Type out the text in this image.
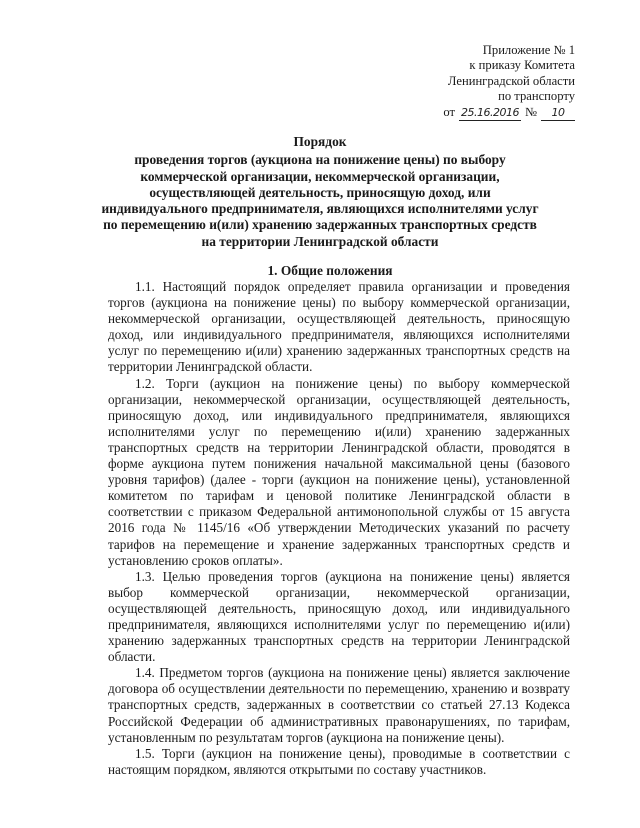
Приложение № 1
к приказу Комитета
Ленинградской области
по транспорту
от 25.16.2016 №	10
Порядок
проведения торгов (аукциона на понижение цены) по выбору
коммерческой организации, некоммерческой организации,
осуществляющей деятельность, приносящую доход, или
индивидуального предпринимателя, являющихся исполнителями услуг
по перемещению и(или) хранению задержанных транспортных средств
на территории Ленинградской области
1. Общие положения

1.1. Настоящий порядок определяет правила организации и проведения торгов (аукциона на понижение цены) по выбору коммерческой организации, некоммерческой организации, осуществляющей деятельность, приносящую доход, или индивидуального предпринимателя, являющихся исполнителями услуг по перемещению и(или) хранению задержанных транспортных средств на территории Ленинградской области.

1.2. Торги (аукцион на понижение цены) по выбору коммерческой организации, некоммерческой организации, осуществляющей деятельность, приносящую доход, или индивидуального предпринимателя, являющихся исполнителями услуг по перемещению и(или) хранению задержанных транспортных средств на территории Ленинградской области, проводятся в форме аукциона путем понижения начальной максимальной цены (базового уровня тарифов) (далее - торги (аукцион на понижение цены), установленной комитетом по тарифам и ценовой политике Ленинградской области в соответствии с приказом Федеральной антимонопольной службы от 15 августа 2016 года № 1145/16 «Об утверждении Методических указаний по расчету тарифов на перемещение и хранение задержанных транспортных средств и установлению сроков оплаты».

1.3. Целью проведения торгов (аукциона на понижение цены) является выбор коммерческой организации, некоммерческой организации, осуществляющей деятельность, приносящую доход, или индивидуального предпринимателя, являющихся исполнителями услуг по перемещению и(или) хранению задержанных транспортных средств на территории Ленинградской области.

1.4. Предметом торгов (аукциона на понижение цены) является заключение договора об осуществлении деятельности по перемещению, хранению и возврату транспортных средств, задержанных в соответствии со статьей 27.13 Кодекса Российской Федерации об административных правонарушениях, по тарифам, установленным по результатам торгов (аукциона на понижение цены).

1.5. Торги (аукцион на понижение цены), проводимые в соответствии с настоящим порядком, являются открытыми по составу участников.
